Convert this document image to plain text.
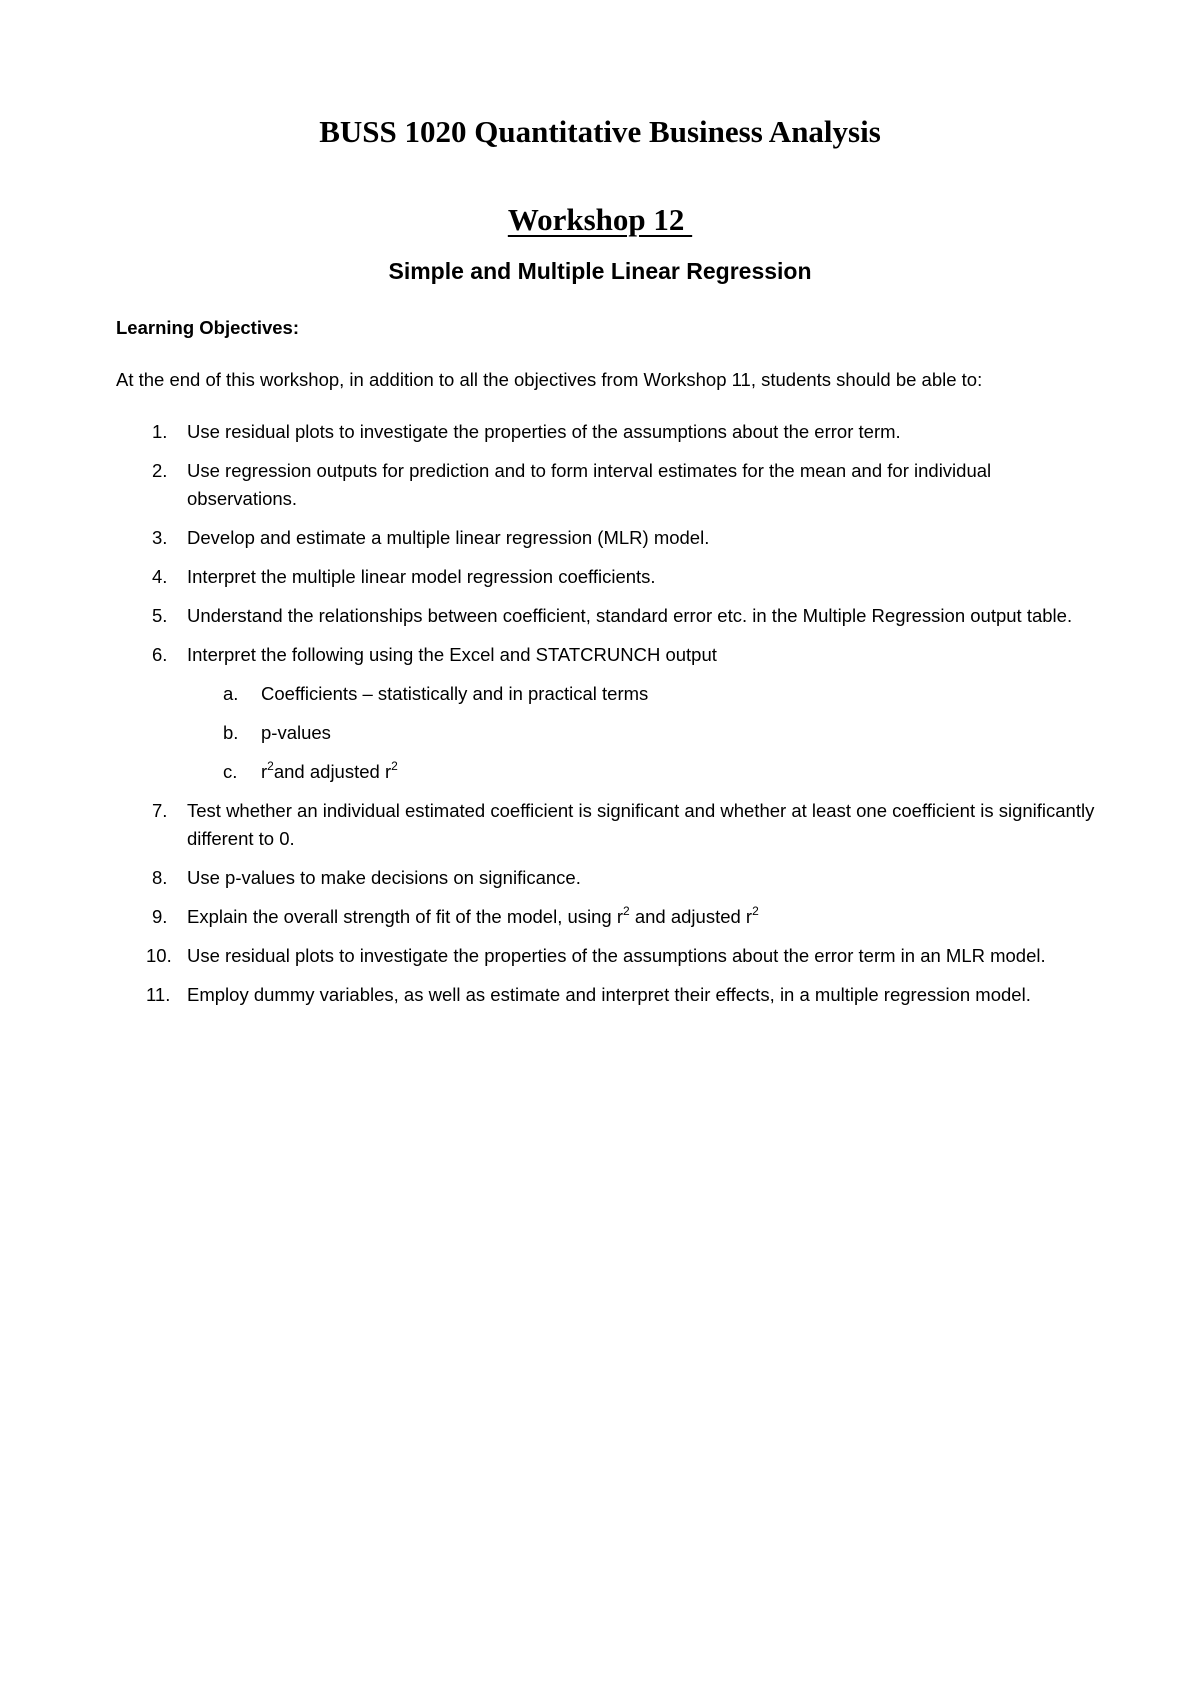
BUSS 1020 Quantitative Business Analysis
Workshop 12
Simple and Multiple Linear Regression

Learning Objectives:

At the end of this workshop, in addition to all the objectives from Workshop 11, students should be able to:

1.	Use residual plots to investigate the properties of the assumptions about the error term.
2.	Use regression outputs for prediction and to form interval estimates for the mean and for individual observations.
3.	Develop and estimate a multiple linear regression (MLR) model.
4.	Interpret the multiple linear model regression coefficients.
5.	Understand the relationships between coefficient, standard error etc. in the Multiple Regression output table.
6.	Interpret the following using the Excel and STATCRUNCH output
a. Coefficients – statistically and in practical terms
b. p-values
c. $r^2and$ adjusted $r^2$
7.	Test whether an individual estimated coefficient is significant and whether at least one coefficient is significantly different to 0.
8.	Use p-values to make decisions on significance.
9.	Explain the overall strength of fit of the model, using $r^2$ and adjusted $r^2$
10. Use residual plots to investigate the properties of the assumptions about the error term in an MLR model.
11. Employ dummy variables, as well as estimate and interpret their effects, in a multiple regression model.
